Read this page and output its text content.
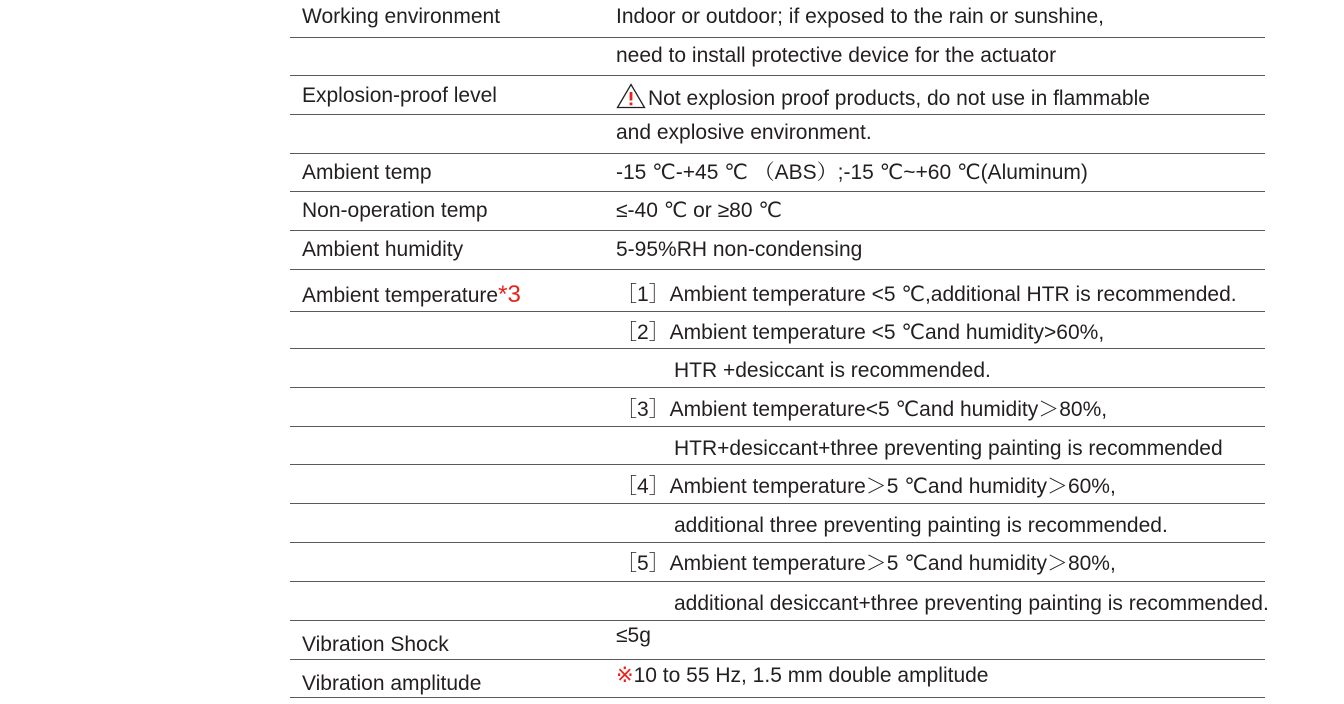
Working environment	Indoor or outdoor; if exposed to the rain or sunshine,
need to install protective device for the actuator
Explosion-proof level	Not explosion proof products, do not use in flammable
and explosive environment.
Ambient temp	-15 ℃-+45 ℃ （ABS）;-15 ℃~+60 ℃(Aluminum)
Non-operation temp	≤-40 ℃ or ≥80 ℃
Ambient humidity	5-95%RH non-condensing
Ambient temperature*3	［1］Ambient temperature <5 ℃,additional HTR is recommended.
［2］Ambient temperature <5 ℃and humidity>60%,
HTR +desiccant is recommended.
［3］Ambient temperature<5 ℃and humidity＞80%,
HTR+desiccant+three preventing painting is recommended
［4］Ambient temperature＞5 ℃and humidity＞60%,
additional three preventing painting is recommended.
［5］Ambient temperature＞5 ℃and humidity＞80%,
additional desiccant+three preventing painting is recommended.
Vibration Shock	≤5g
Vibration amplitude	※10 to 55 Hz, 1.5 mm double amplitude
